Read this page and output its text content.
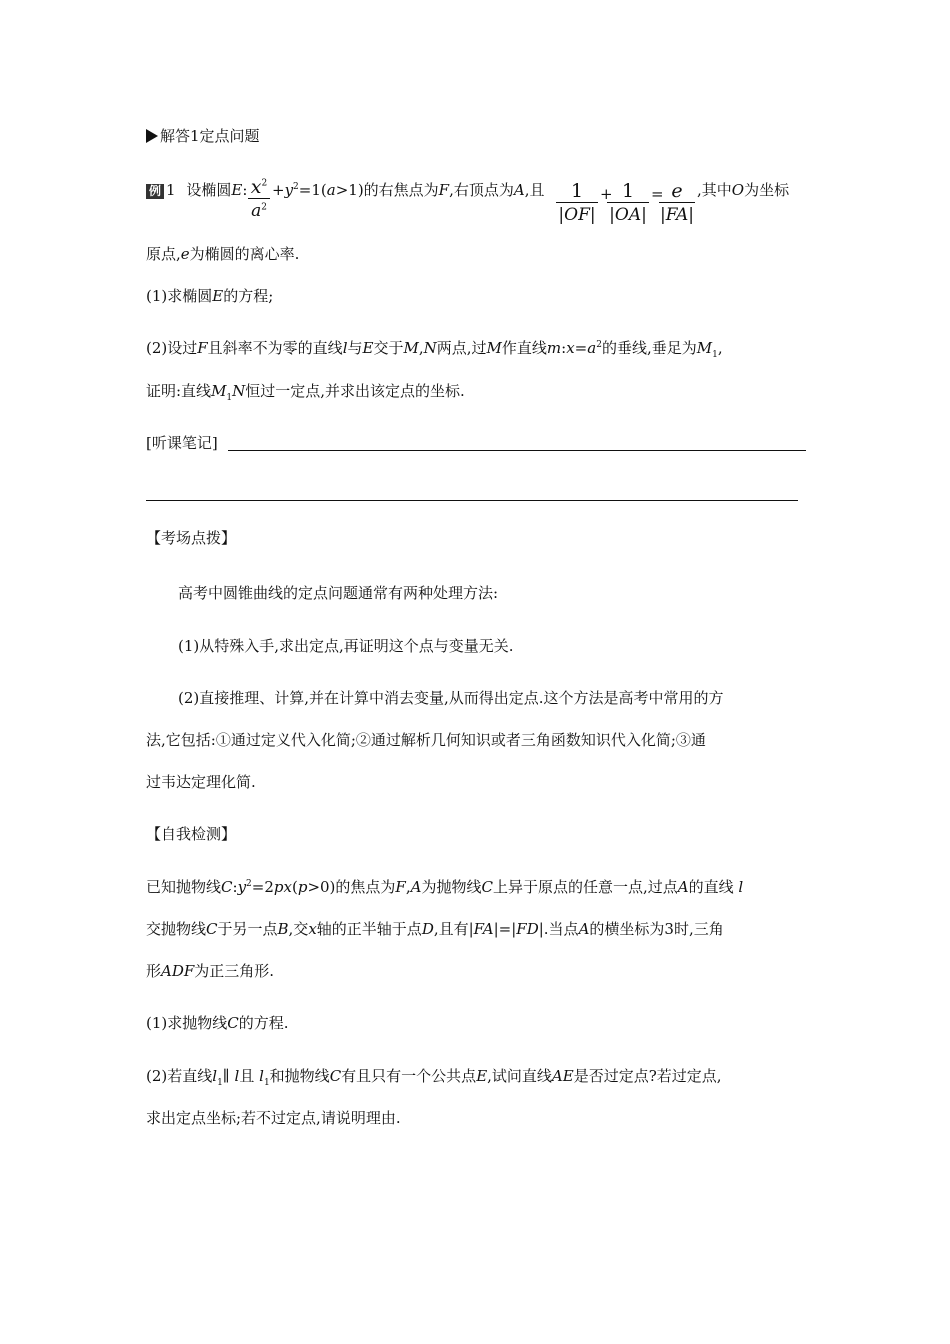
解答1定点问题
例 1 设椭圆E: $x^2$
$a^2$
$+y^2=1(a>1)$的右焦点为F,右顶点为A,且	1
|OF|
+ 1
|OA|
= e
|FA|
,其中O为坐标
原点,e为椭圆的离心率.
(1)求椭圆E的方程;
(2)设过F且斜率不为零的直线l与E交于M,N两点,过M作直线$m:x=a^2$的垂线,垂足为$M_1$,
证明:直线$M_1N$恒过一定点,并求出该定点的坐标.
[听课笔记]
【考场点拨】
高考中圆锥曲线的定点问题通常有两种处理方法:
(1)从特殊入手,求出定点,再证明这个点与变量无关.
(2)直接推理、计算,并在计算中消去变量,从而得出定点.这个方法是高考中常用的方
法,它包括:①通过定义代入化简;②通过解析几何知识或者三角函数知识代入化简;③通
过韦达定理化简.
【自我检测】
已知抛物线$C:y^2=2px(p>0)$的焦点为F,A为抛物线C上异于原点的任意一点,过点A的直线 l
交抛物线C于另一点B,交x轴的正半轴于点D,且有|FA|=|FD|.当点A的横坐标为3时,三角
形ADF为正三角形.
(1)求抛物线C的方程.
(2)若直线$l_1\parallel$ l且 $l_1$和抛物线C有且只有一个公共点E,试问直线AE是否过定点?若过定点,
求出定点坐标;若不过定点,请说明理由.
